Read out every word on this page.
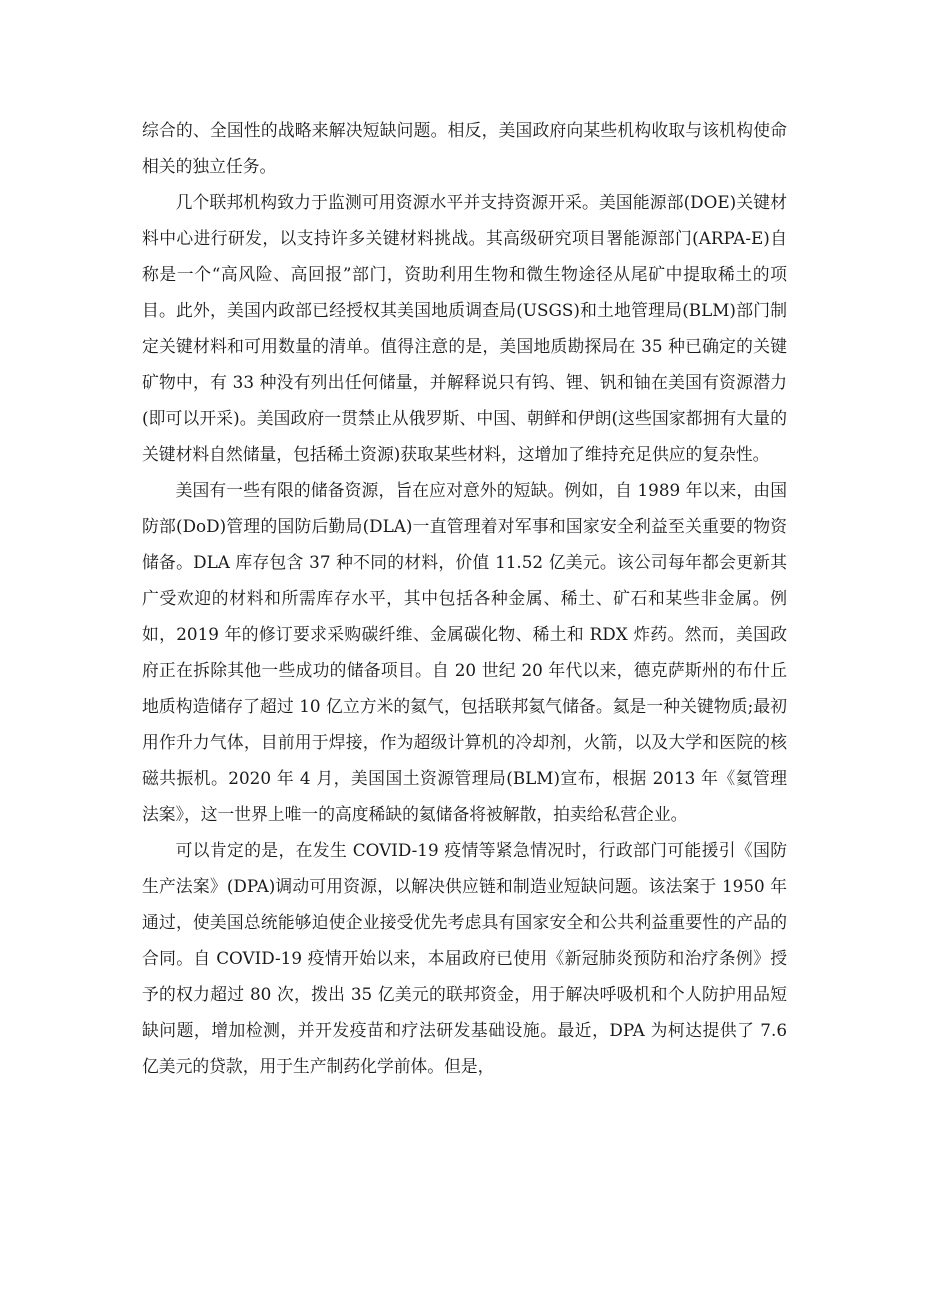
综合的、全国性的战略来解决短缺问题。相反，美国政府向某些机构收取与该机构使命相关的独立任务。

几个联邦机构致力于监测可用资源水平并支持资源开采。美国能源部(DOE)关键材料中心进行研发，以支持许多关键材料挑战。其高级研究项目署能源部门(ARPA-E)自称是一个“高风险、高回报”部门，资助利用生物和微生物途径从尾矿中提取稀土的项目。此外，美国内政部已经授权其美国地质调查局(USGS)和土地管理局(BLM)部门制定关键材料和可用数量的清单。值得注意的是，美国地质勘探局在 35 种已确定的关键矿物中，有 33 种没有列出任何储量，并解释说只有钨、锂、钒和铀在美国有资源潜力(即可以开采)。美国政府一贯禁止从俄罗斯、中国、朝鲜和伊朗(这些国家都拥有大量的关键材料自然储量，包括稀土资源)获取某些材料，这增加了维持充足供应的复杂性。

美国有一些有限的储备资源，旨在应对意外的短缺。例如，自 1989 年以来，由国防部(DoD)管理的国防后勤局(DLA)一直管理着对军事和国家安全利益至关重要的物资储备。DLA 库存包含 37 种不同的材料，价值 11.52 亿美元。该公司每年都会更新其广受欢迎的材料和所需库存水平，其中包括各种金属、稀土、矿石和某些非金属。例如，2019 年的修订要求采购碳纤维、金属碳化物、稀土和 RDX 炸药。然而，美国政府正在拆除其他一些成功的储备项目。自 20 世纪 20 年代以来，德克萨斯州的布什丘地质构造储存了超过 10 亿立方米的氦气，包括联邦氦气储备。氦是一种关键物质;最初用作升力气体，目前用于焊接，作为超级计算机的冷却剂，火箭，以及大学和医院的核磁共振机。2020 年 4 月，美国国土资源管理局(BLM)宣布，根据 2013 年《氦管理法案》，这一世界上唯一的高度稀缺的氦储备将被解散，拍卖给私营企业。

可以肯定的是，在发生 COVID-19 疫情等紧急情况时，行政部门可能援引《国防生产法案》(DPA)调动可用资源，以解决供应链和制造业短缺问题。该法案于 1950 年通过，使美国总统能够迫使企业接受优先考虑具有国家安全和公共利益重要性的产品的合同。自 COVID-19 疫情开始以来，本届政府已使用《新冠肺炎预防和治疗条例》授予的权力超过 80 次，拨出 35 亿美元的联邦资金，用于解决呼吸机和个人防护用品短缺问题，增加检测，并开发疫苗和疗法研发基础设施。最近，DPA 为柯达提供了 7.6 亿美元的贷款，用于生产制药化学前体。但是，
